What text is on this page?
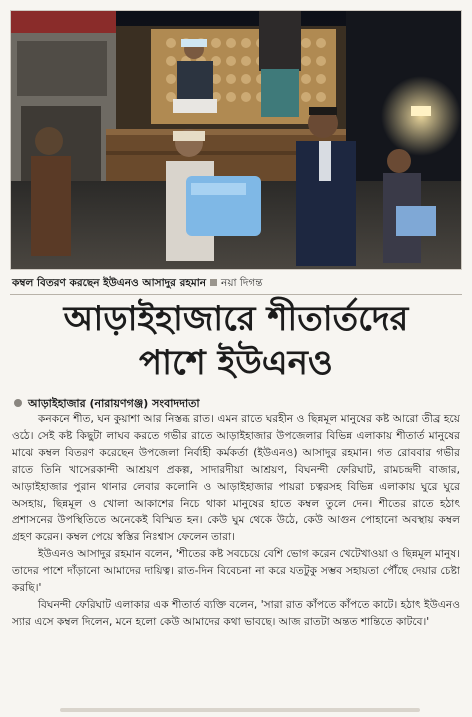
কম্বল বিতরণ করছেন ইউএনও আসাদুর রহমান নয়া দিগন্ত
আড়াইহাজারে শীতার্তদের
পাশে ইউএনও
আড়াইহাজার (নারায়ণগঞ্জ) সংবাদদাতা

কনকনে শীত, ঘন কুয়াশা আর নিস্তব্ধ রাত। এমন রাতে ঘরহীন ও ছিন্নমূল মানুষের কষ্ট আরো তীব্র হয়ে ওঠে। সেই কষ্ট কিছুটা লাঘব করতে গভীর রাতে আড়াইহাজার উপজেলার বিভিন্ন এলাকায় শীতার্ত মানুষের মাঝে কম্বল বিতরণ করেছেন উপজেলা নির্বাহী কর্মকর্তা (ইউএনও) আসাদুর রহমান। গত রোববার গভীর রাতে তিনি খাসেরকান্দী আশ্রয়ণ প্রকল্প, সাদারদীয়া আশ্রয়ণ, বিঘনন্দী ফেরিঘাট, রামচন্দ্রদী বাজার, আড়াইহাজার পুরান থানার লেবার কলোনি ও আড়াইহাজার পায়রা চত্বরসহ বিভিন্ন এলাকায় ঘুরে ঘুরে অসহায়, ছিন্নমূল ও খোলা আকাশের নিচে থাকা মানুষের হাতে কম্বল তুলে দেন। শীতের রাতে হঠাৎ প্রশাসনের উপস্থিতিতে অনেকেই বিস্মিত হন। কেউ ঘুম থেকে উঠে, কেউ আগুন পোহানো অবস্থায় কম্বল গ্রহণ করেন। কম্বল পেয়ে স্বস্তির নিঃশ্বাস ফেলেন তারা।

ইউএনও আসাদুর রহমান বলেন, 'শীতের কষ্ট সবচেয়ে বেশি ভোগ করেন খেটেখাওয়া ও ছিন্নমূল মানুষ। তাদের পাশে দাঁড়ানো আমাদের দায়িত্ব। রাত-দিন বিবেচনা না করে যতটুকু সম্ভব সহায়তা পৌঁছে দেয়ার চেষ্টা করছি।'

বিঘনন্দী ফেরিঘাট এলাকার এক শীতার্ত ব্যক্তি বলেন, 'সারা রাত কাঁপতে কাঁপতে কাটে। হঠাৎ ইউএনও স্যার এসে কম্বল দিলেন, মনে হলো কেউ আমাদের কথা ভাবছে। আজ রাতটা অন্তত শান্তিতে কাটবে।'
